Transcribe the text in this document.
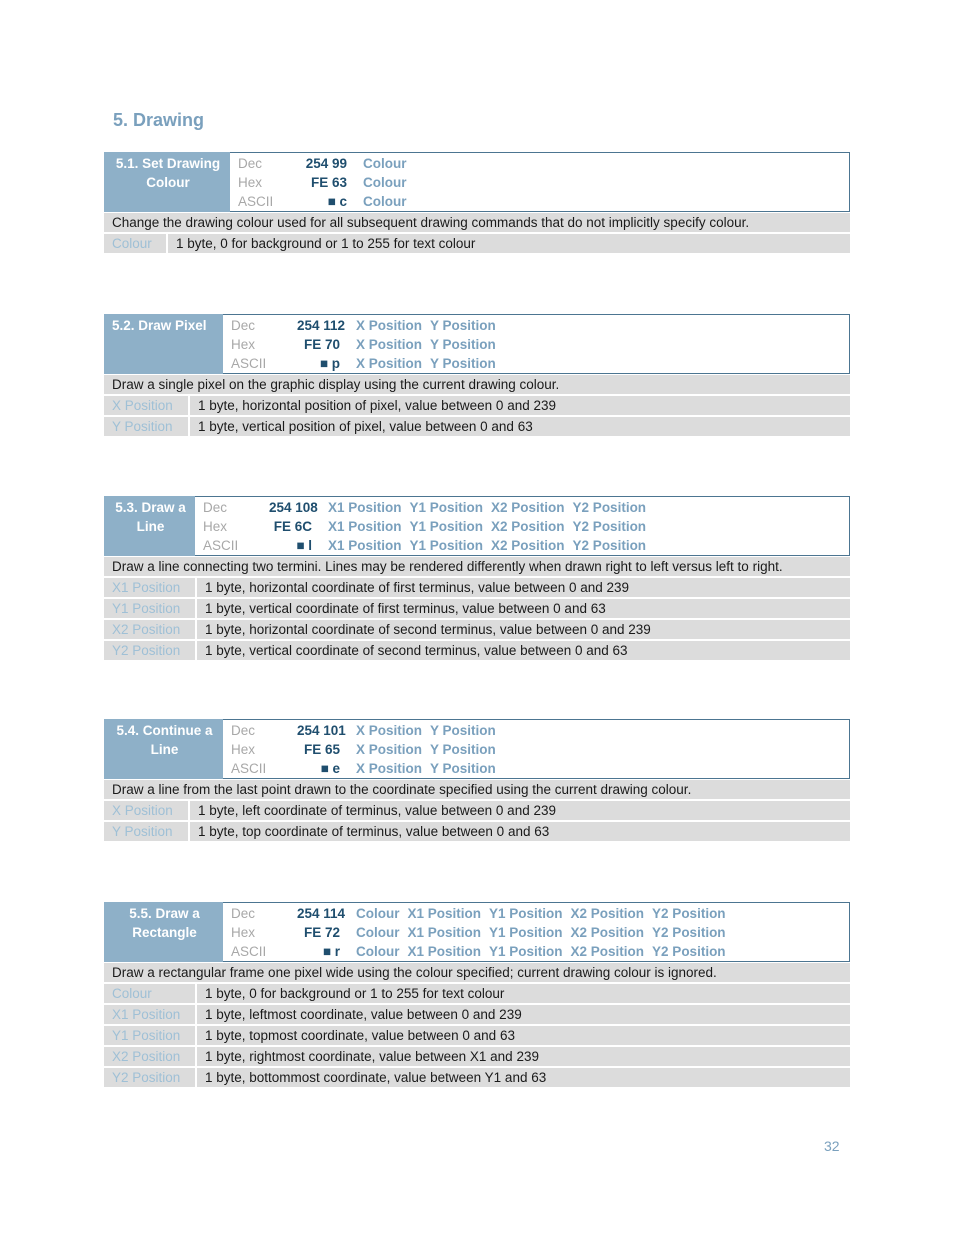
5. Drawing
5.1. Set Drawing Colour
Dec	254 99 Colour
Hex	FE 63 Colour
ASCII	■ c Colour
Change the drawing colour used for all subsequent drawing commands that do not implicitly specify colour.
Colour	1 byte, 0 for background or 1 to 255 for text colour
5.2. Draw Pixel	Dec	254 112 X Position Y Position
Hex	FE 70 X Position Y Position
ASCII	■ p X Position Y Position
Draw a single pixel on the graphic display using the current drawing colour.
X Position	1 byte, horizontal position of pixel, value between 0 and 239
Y Position	1 byte, vertical position of pixel, value between 0 and 63
5.3. Draw a Line
Dec	254 108 X1 Position Y1 Position X2 Position Y2 Position
Hex	FE 6C X1 Position Y1 Position X2 Position Y2 Position
ASCII	■ l X1 Position Y1 Position X2 Position Y2 Position
Draw a line connecting two termini. Lines may be rendered differently when drawn right to left versus left to right.
X1 Position	1 byte, horizontal coordinate of first terminus, value between 0 and 239
Y1 Position	1 byte, vertical coordinate of first terminus, value between 0 and 63
X2 Position	1 byte, horizontal coordinate of second terminus, value between 0 and 239
Y2 Position	1 byte, vertical coordinate of second terminus, value between 0 and 63
5.4. Continue a Line
Dec	254 101 X Position Y Position
Hex	FE 65 X Position Y Position
ASCII	■ e X Position Y Position
Draw a line from the last point drawn to the coordinate specified using the current drawing colour.
X Position	1 byte, left coordinate of terminus, value between 0 and 239
Y Position	1 byte, top coordinate of terminus, value between 0 and 63
5.5. Draw a Rectangle
Dec	254 114 Colour X1 Position Y1 Position X2 Position Y2 Position
Hex	FE 72 Colour X1 Position Y1 Position X2 Position Y2 Position
ASCII	■ r Colour X1 Position Y1 Position X2 Position Y2 Position
Draw a rectangular frame one pixel wide using the colour specified; current drawing colour is ignored.
Colour	1 byte, 0 for background or 1 to 255 for text colour
X1 Position	1 byte, leftmost coordinate, value between 0 and 239
Y1 Position	1 byte, topmost coordinate, value between 0 and 63
X2 Position	1 byte, rightmost coordinate, value between X1 and 239
Y2 Position	1 byte, bottommost coordinate, value between Y1 and 63
32
